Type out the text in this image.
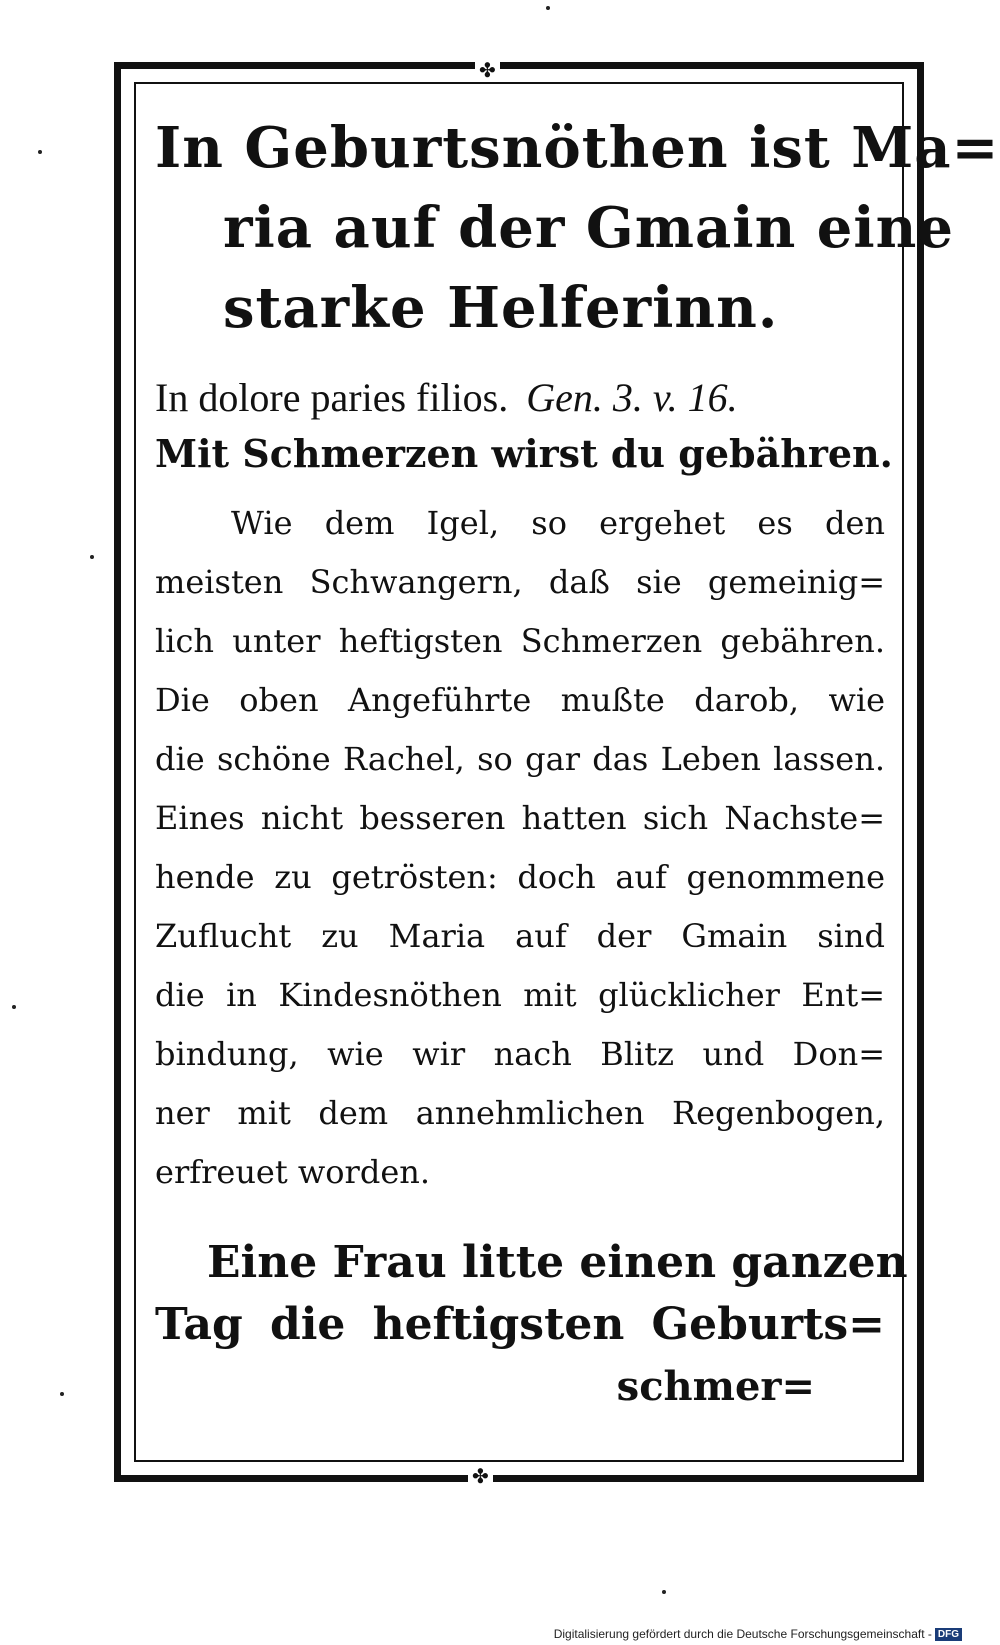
✤
✤
In Geburtsnöthen ist Ma=
ria auf der Gmain eine
starke Helferinn.
In dolore paries filios. Gen. 3. v. 16.
Mit Schmerzen wirst du gebähren.
Wie dem Igel, so ergehet es den
meisten Schwangern, daß sie gemeinig=
lich unter heftigsten Schmerzen gebähren.
Die oben Angeführte mußte darob, wie
die schöne Rachel, so gar das Leben lassen.
Eines nicht besseren hatten sich Nachste=
hende zu getrösten: doch auf genommene
Zuflucht zu Maria auf der Gmain sind
die in Kindesnöthen mit glücklicher Ent=
bindung, wie wir nach Blitz und Don=
ner mit dem annehmlichen Regenbogen,
erfreuet worden.
Eine Frau litte einen ganzen
Tag die heftigsten Geburts=
schmer=
Digitalisierung gefördert durch die Deutsche Forschungsgemeinschaft - DFG
